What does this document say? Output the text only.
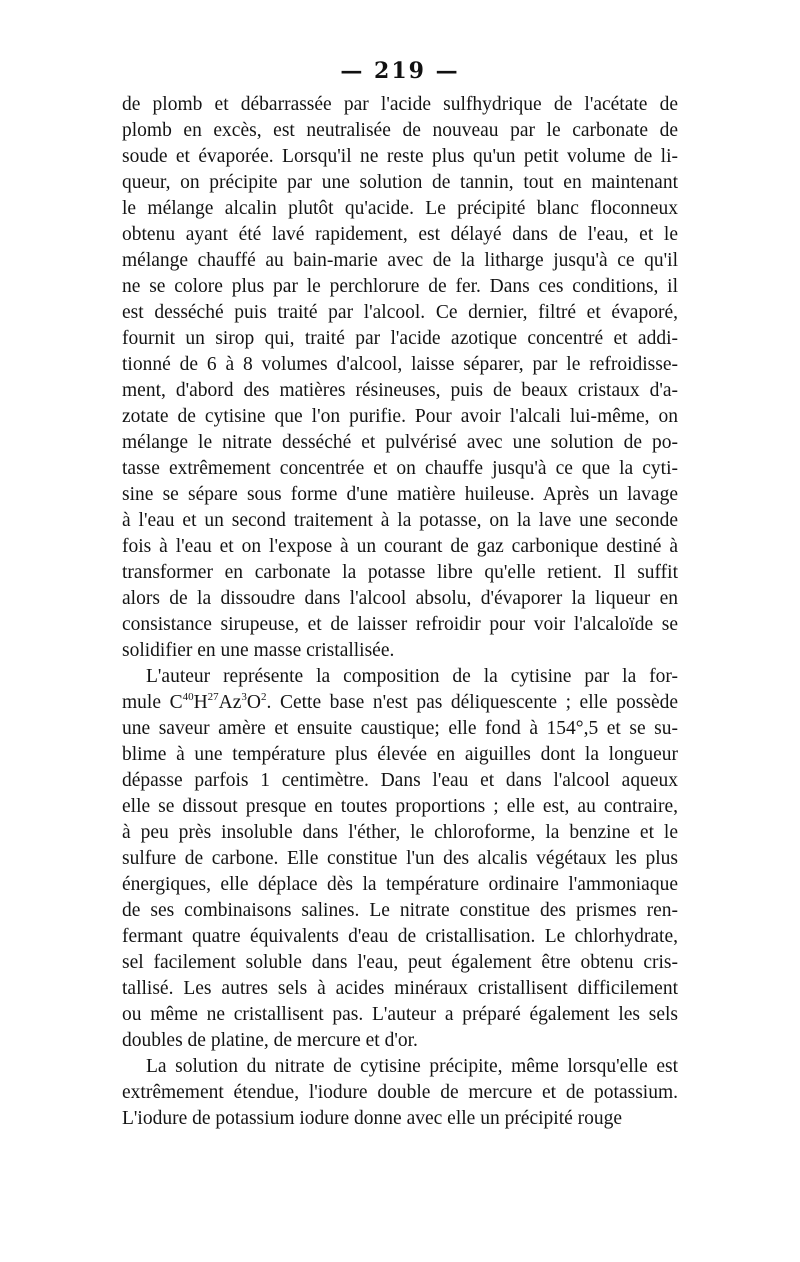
— 219 —
de plomb et débarrassée par l'acide sulfhydrique de l'acétate de
plomb en excès, est neutralisée de nouveau par le carbonate de
soude et évaporée. Lorsqu'il ne reste plus qu'un petit volume de li-
queur, on précipite par une solution de tannin, tout en maintenant
le mélange alcalin plutôt qu'acide. Le précipité blanc floconneux
obtenu ayant été lavé rapidement, est délayé dans de l'eau, et le
mélange chauffé au bain-marie avec de la litharge jusqu'à ce qu'il
ne se colore plus par le perchlorure de fer. Dans ces conditions, il
est desséché puis traité par l'alcool. Ce dernier, filtré et évaporé,
fournit un sirop qui, traité par l'acide azotique concentré et addi-
tionné de 6 à 8 volumes d'alcool, laisse séparer, par le refroidisse-
ment, d'abord des matières résineuses, puis de beaux cristaux d'a-
zotate de cytisine que l'on purifie. Pour avoir l'alcali lui-même, on
mélange le nitrate desséché et pulvérisé avec une solution de po-
tasse extrêmement concentrée et on chauffe jusqu'à ce que la cyti-
sine se sépare sous forme d'une matière huileuse. Après un lavage
à l'eau et un second traitement à la potasse, on la lave une seconde
fois à l'eau et on l'expose à un courant de gaz carbonique destiné à
transformer en carbonate la potasse libre qu'elle retient. Il suffit
alors de la dissoudre dans l'alcool absolu, d'évaporer la liqueur en
consistance sirupeuse, et de laisser refroidir pour voir l'alcaloïde se
solidifier en une masse cristallisée.
L'auteur représente la composition de la cytisine par la for-
mule $C^{40}H^{27}Az^3O^2$. Cette base n'est pas déliquescente ; elle possède
une saveur amère et ensuite caustique; elle fond à 154°,5 et se su-
blime à une température plus élevée en aiguilles dont la longueur
dépasse parfois 1 centimètre. Dans l'eau et dans l'alcool aqueux
elle se dissout presque en toutes proportions ; elle est, au contraire,
à peu près insoluble dans l'éther, le chloroforme, la benzine et le
sulfure de carbone. Elle constitue l'un des alcalis végétaux les plus
énergiques, elle déplace dès la température ordinaire l'ammoniaque
de ses combinaisons salines. Le nitrate constitue des prismes ren-
fermant quatre équivalents d'eau de cristallisation. Le chlorhydrate,
sel facilement soluble dans l'eau, peut également être obtenu cris-
tallisé. Les autres sels à acides minéraux cristallisent difficilement
ou même ne cristallisent pas. L'auteur a préparé également les sels
doubles de platine, de mercure et d'or.
La solution du nitrate de cytisine précipite, même lorsqu'elle est
extrêmement étendue, l'iodure double de mercure et de potassium.
L'iodure de potassium iodure donne avec elle un précipité rouge
